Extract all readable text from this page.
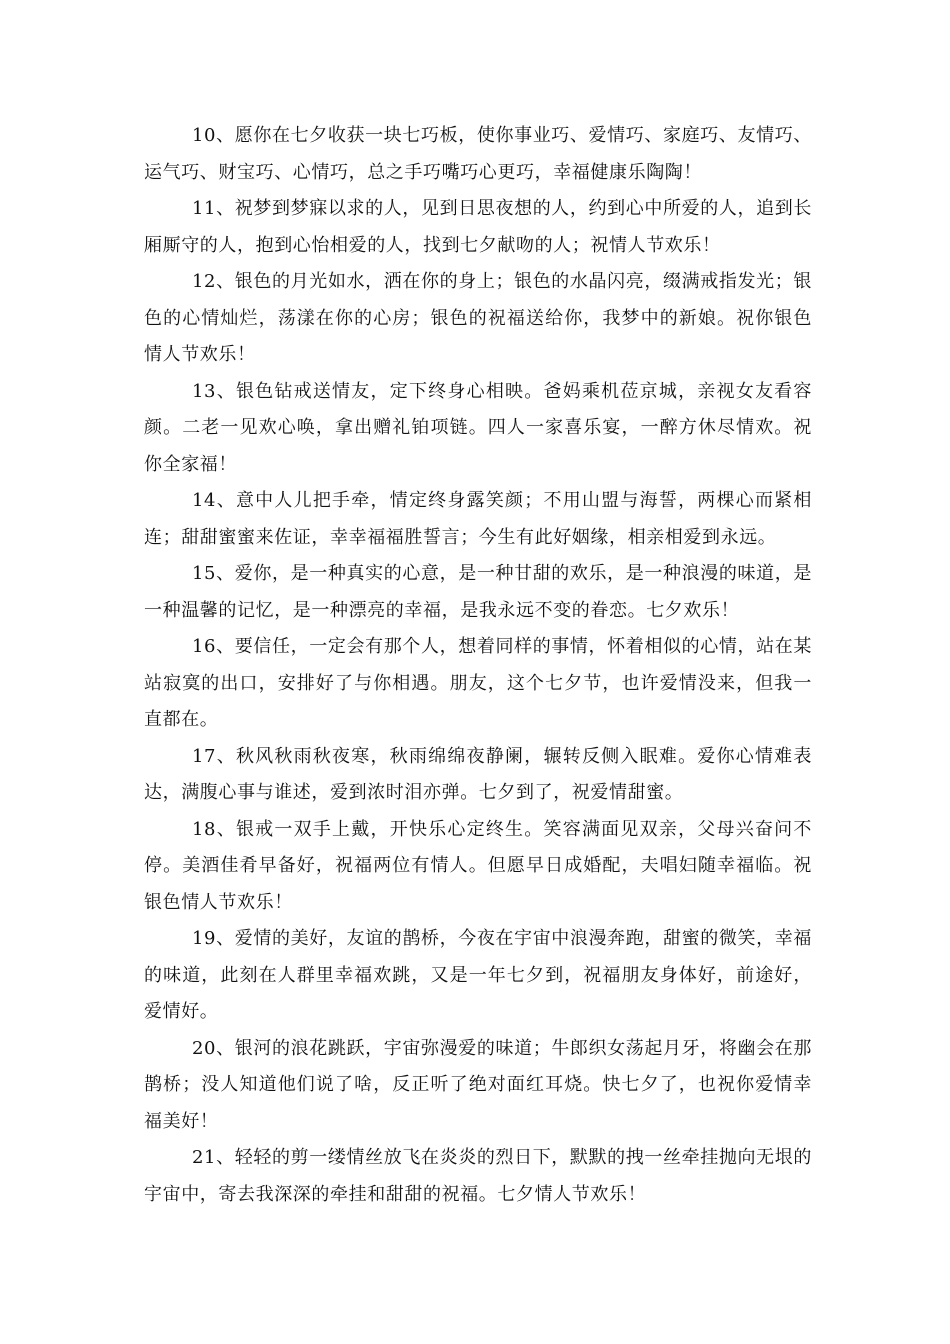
10、愿你在七夕收获一块七巧板，使你事业巧、爱情巧、家庭巧、友情巧、运气巧、财宝巧、心情巧，总之手巧嘴巧心更巧，幸福健康乐陶陶！

11、祝梦到梦寐以求的人，见到日思夜想的人，约到心中所爱的人，追到长厢厮守的人，抱到心怡相爱的人，找到七夕献吻的人；祝情人节欢乐！

12、银色的月光如水，洒在你的身上；银色的水晶闪亮，缀满戒指发光；银色的心情灿烂，荡漾在你的心房；银色的祝福送给你，我梦中的新娘。祝你银色情人节欢乐！

13、银色钻戒送情友，定下终身心相映。爸妈乘机莅京城，亲视女友看容颜。二老一见欢心唤，拿出赠礼铂项链。四人一家喜乐宴，一醉方休尽情欢。祝你全家福！

14、意中人儿把手牵，情定终身露笑颜；不用山盟与海誓，两棵心而紧相连；甜甜蜜蜜来佐证，幸幸福福胜誓言；今生有此好姻缘，相亲相爱到永远。

15、爱你，是一种真实的心意，是一种甘甜的欢乐，是一种浪漫的味道，是一种温馨的记忆，是一种漂亮的幸福，是我永远不变的眷恋。七夕欢乐！

16、要信任，一定会有那个人，想着同样的事情，怀着相似的心情，站在某站寂寞的出口，安排好了与你相遇。朋友，这个七夕节，也许爱情没来，但我一直都在。

17、秋风秋雨秋夜寒，秋雨绵绵夜静阑，辗转反侧入眠难。爱你心情难表达，满腹心事与谁述，爱到浓时泪亦弹。七夕到了，祝爱情甜蜜。

18、银戒一双手上戴，开快乐心定终生。笑容满面见双亲，父母兴奋问不停。美酒佳肴早备好，祝福两位有情人。但愿早日成婚配，夫唱妇随幸福临。祝银色情人节欢乐！

19、爱情的美好，友谊的鹊桥，今夜在宇宙中浪漫奔跑，甜蜜的微笑，幸福的味道，此刻在人群里幸福欢跳，又是一年七夕到，祝福朋友身体好，前途好，爱情好。

20、银河的浪花跳跃，宇宙弥漫爱的味道；牛郎织女荡起月牙，将幽会在那鹊桥；没人知道他们说了啥，反正听了绝对面红耳烧。快七夕了，也祝你爱情幸福美好！

21、轻轻的剪一缕情丝放飞在炎炎的烈日下，默默的拽一丝牵挂抛向无垠的宇宙中，寄去我深深的牵挂和甜甜的祝福。七夕情人节欢乐！
